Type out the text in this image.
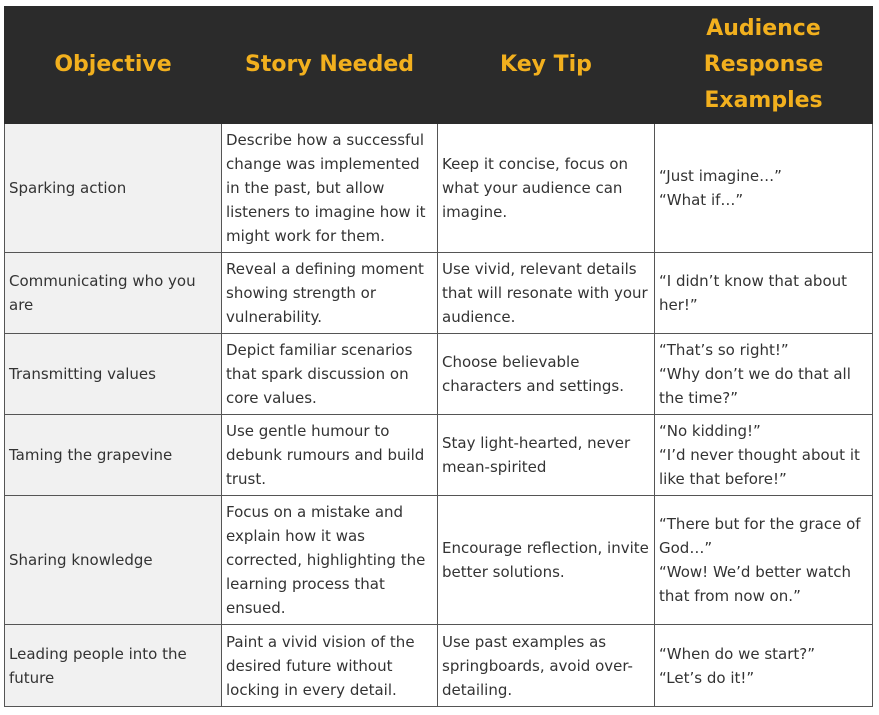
Objective	Story Needed	Key Tip	Audience
Response
Examples

Sparking action	Describe how a successful change was implemented in the past, but allow listeners to imagine how it might work for them.	Keep it concise, focus on what your audience can imagine.	“Just imagine…”
“What if…”

Communicating who you are	Reveal a defining moment showing strength or vulnerability.	Use vivid, relevant details that will resonate with your audience.	“I didn’t know that about her!”

Transmitting values	Depict familiar scenarios that spark discussion on core values.	Choose believable characters and settings.	“That’s so right!”
“Why don’t we do that all the time?”

Taming the grapevine	Use gentle humour to debunk rumours and build trust.	Stay light-hearted, never mean-spirited	“No kidding!”
“I’d never thought about it like that before!”

Sharing knowledge	Focus on a mistake and explain how it was corrected, highlighting the learning process that ensued.	Encourage reflection, invite better solutions.	“There but for the grace of God…”
“Wow! We’d better watch that from now on.”

Leading people into the future	Paint a vivid vision of the desired future without locking in every detail.	Use past examples as springboards, avoid over-detailing.	“When do we start?”
“Let’s do it!”
